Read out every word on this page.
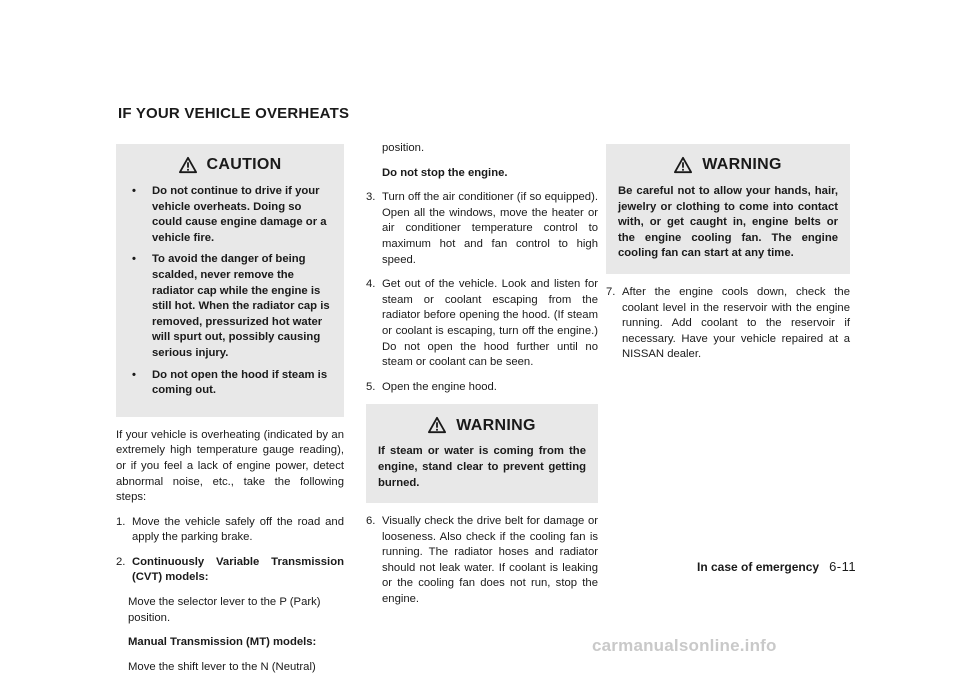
IF YOUR VEHICLE OVERHEATS
CAUTION
• Do not continue to drive if your vehicle overheats. Doing so could cause engine damage or a vehicle fire.
• To avoid the danger of being scalded, never remove the radiator cap while the engine is still hot. When the radiator cap is removed, pressurized hot water will spurt out, possibly causing serious injury.
• Do not open the hood if steam is coming out.

If your vehicle is overheating (indicated by an extremely high temperature gauge reading), or if you feel a lack of engine power, detect abnormal noise, etc., take the following steps:

1. Move the vehicle safely off the road and apply the parking brake.
2. Continuously Variable Transmission (CVT) models:
Move the selector lever to the P (Park) position.
Manual Transmission (MT) models:
Move the shift lever to the N (Neutral)
position.
Do not stop the engine.
3. Turn off the air conditioner (if so equipped). Open all the windows, move the heater or air conditioner temperature control to maximum hot and fan control to high speed.
4. Get out of the vehicle. Look and listen for steam or coolant escaping from the radiator before opening the hood. (If steam or coolant is escaping, turn off the engine.) Do not open the hood further until no steam or coolant can be seen.
5. Open the engine hood.
WARNING

If steam or water is coming from the engine, stand clear to prevent getting burned.

6. Visually check the drive belt for damage or looseness. Also check if the cooling fan is running. The radiator hoses and radiator should not leak water. If coolant is leaking or the cooling fan does not run, stop the engine.
WARNING

Be careful not to allow your hands, hair, jewelry or clothing to come into contact with, or get caught in, engine belts or the engine cooling fan. The engine cooling fan can start at any time.

7. After the engine cools down, check the coolant level in the reservoir with the engine running. Add coolant to the reservoir if necessary. Have your vehicle repaired at a NISSAN dealer.
In case of emergency 6-11
carmanualsonline.info
